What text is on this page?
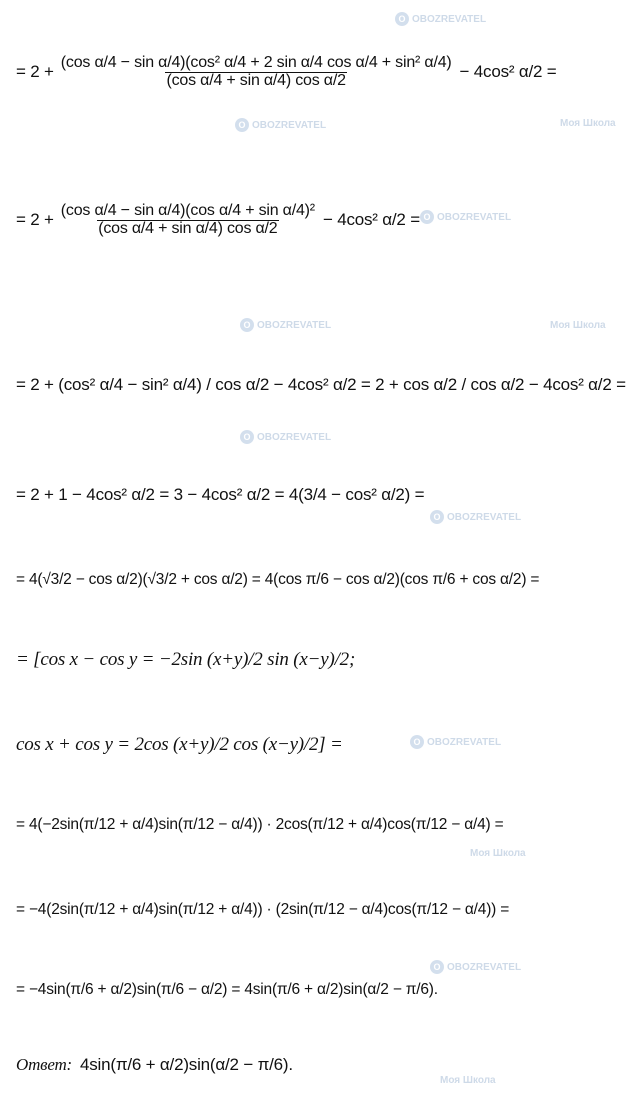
O OBOZREVATEL
O OBOZREVATEL	Моя Школа
O OBOZREVATEL
O OBOZREVATEL	Моя Школа
O OBOZREVATEL
O OBOZREVATEL
O OBOZREVATEL
Моя Школа
O OBOZREVATEL
Моя Школа
= $2 + \frac{\text{(cos α/4 − sin α/4)(cos² α/4 + 2 sin α/4 cos α/4 + sin² α/4)}}{\text{(cos α/4 + sin α/4) cos α/2}} - 4\cos^2$ α/2 =
= $2 + \frac{\text{(cos α/4 − sin α/4)(cos α/4 + sin α/4)²}}{\text{(cos α/4 + sin α/4) cos α/2}} - 4\cos^2$ α/2 =
= 2 + (cos² α/4 − sin² α/4) / cos α/2 − 4cos² α/2 = 2 + cos α/2 / cos α/2 − 4cos² α/2 =
= 2 + 1 − 4cos² α/2 = 3 − 4cos² α/2 = 4(3/4 − cos² α/2) =
= 4(√3/2 − cos α/2)(√3/2 + cos α/2) = 4(cos π/6 − cos α/2)(cos π/6 + cos α/2) =
= [cos x − cos y = −2sin (x+y)/2 sin (x−y)/2;
cos x + cos y = 2cos (x+y)/2 cos (x−y)/2] =
= 4(−2sin(π/12 + α/4)sin(π/12 − α/4)) · 2cos(π/12 + α/4)cos(π/12 − α/4) =
= −4(2sin(π/12 + α/4)sin(π/12 + α/4)) · (2sin(π/12 − α/4)cos(π/12 − α/4)) =
= −4sin(π/6 + α/2)sin(π/6 − α/2) = 4sin(π/6 + α/2)sin(α/2 − π/6).
Ответ: 4sin(π/6 + α/2)sin(α/2 − π/6).
